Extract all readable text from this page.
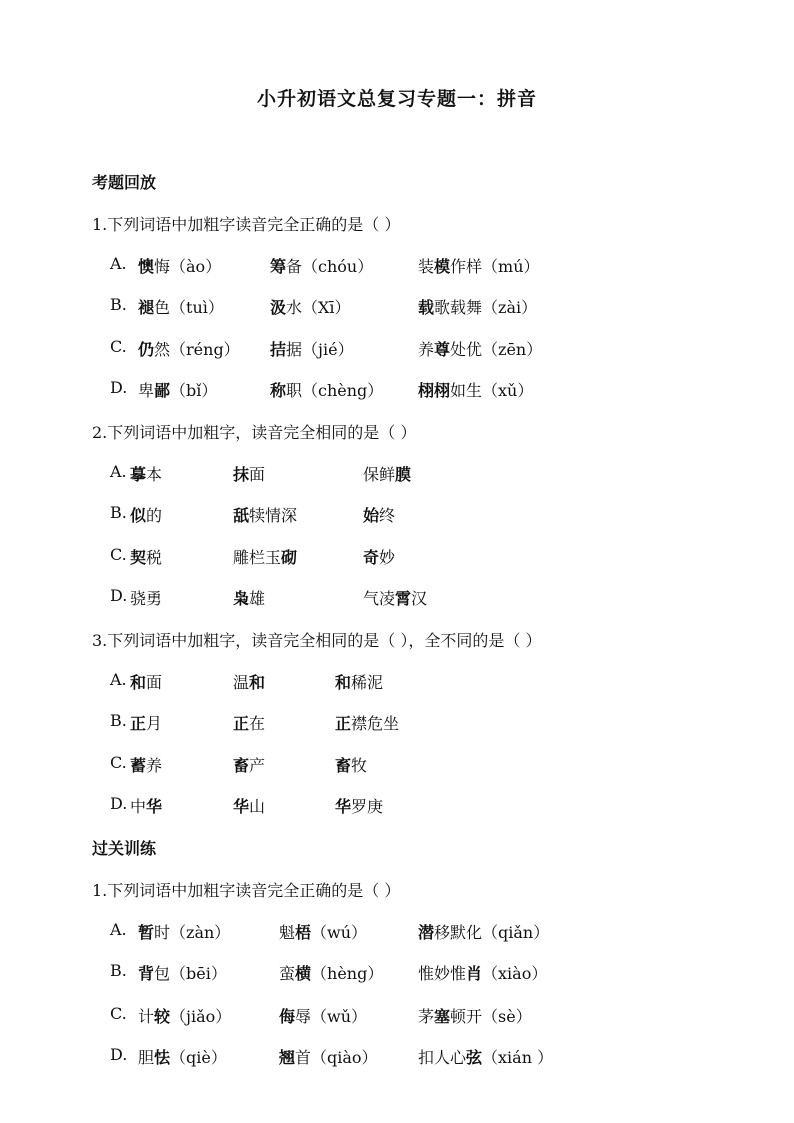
小升初语文总复习专题一：拼音
考题回放
1.下列词语中加粗字读音完全正确的是（ ）
A. 懊悔（ào）	筹备（chóu）	装模作样（mú）
B. 褪色（tuì）	汲水（Xī）	载歌载舞（zài）
C. 仍然（réng） 拮据（jié）	养尊处优（zēn）
D. 卑鄙（bǐ）	称职（chèng） 栩栩如生（xǔ）
2.下列词语中加粗字，读音完全相同的是（ ）
A. 摹本	抹面	保鲜膜
B. 似的	舐犊情深	始终
C. 契税	雕栏玉砌	奇妙
D. 骁勇	枭雄	气凌霄汉
3.下列词语中加粗字，读音完全相同的是（ ），全不同的是（ ）
A. 和面	温和	和稀泥
B. 正月	正在	正襟危坐
C. 蓄养	畜产	畜牧
D. 中华	华山	华罗庚
过关训练
1.下列词语中加粗字读音完全正确的是（ ）
A. 暂时（zàn）	魁梧（wú）	潜移默化（qiǎn）
B. 背包（bēi）	蛮横（hèng） 惟妙惟肖（xiào）
C. 计较（jiǎo）	侮辱（wǔ）	茅塞顿开（sè）
D. 胆怯（qiè）	翘首（qiào）	扣人心弦（xián ）
